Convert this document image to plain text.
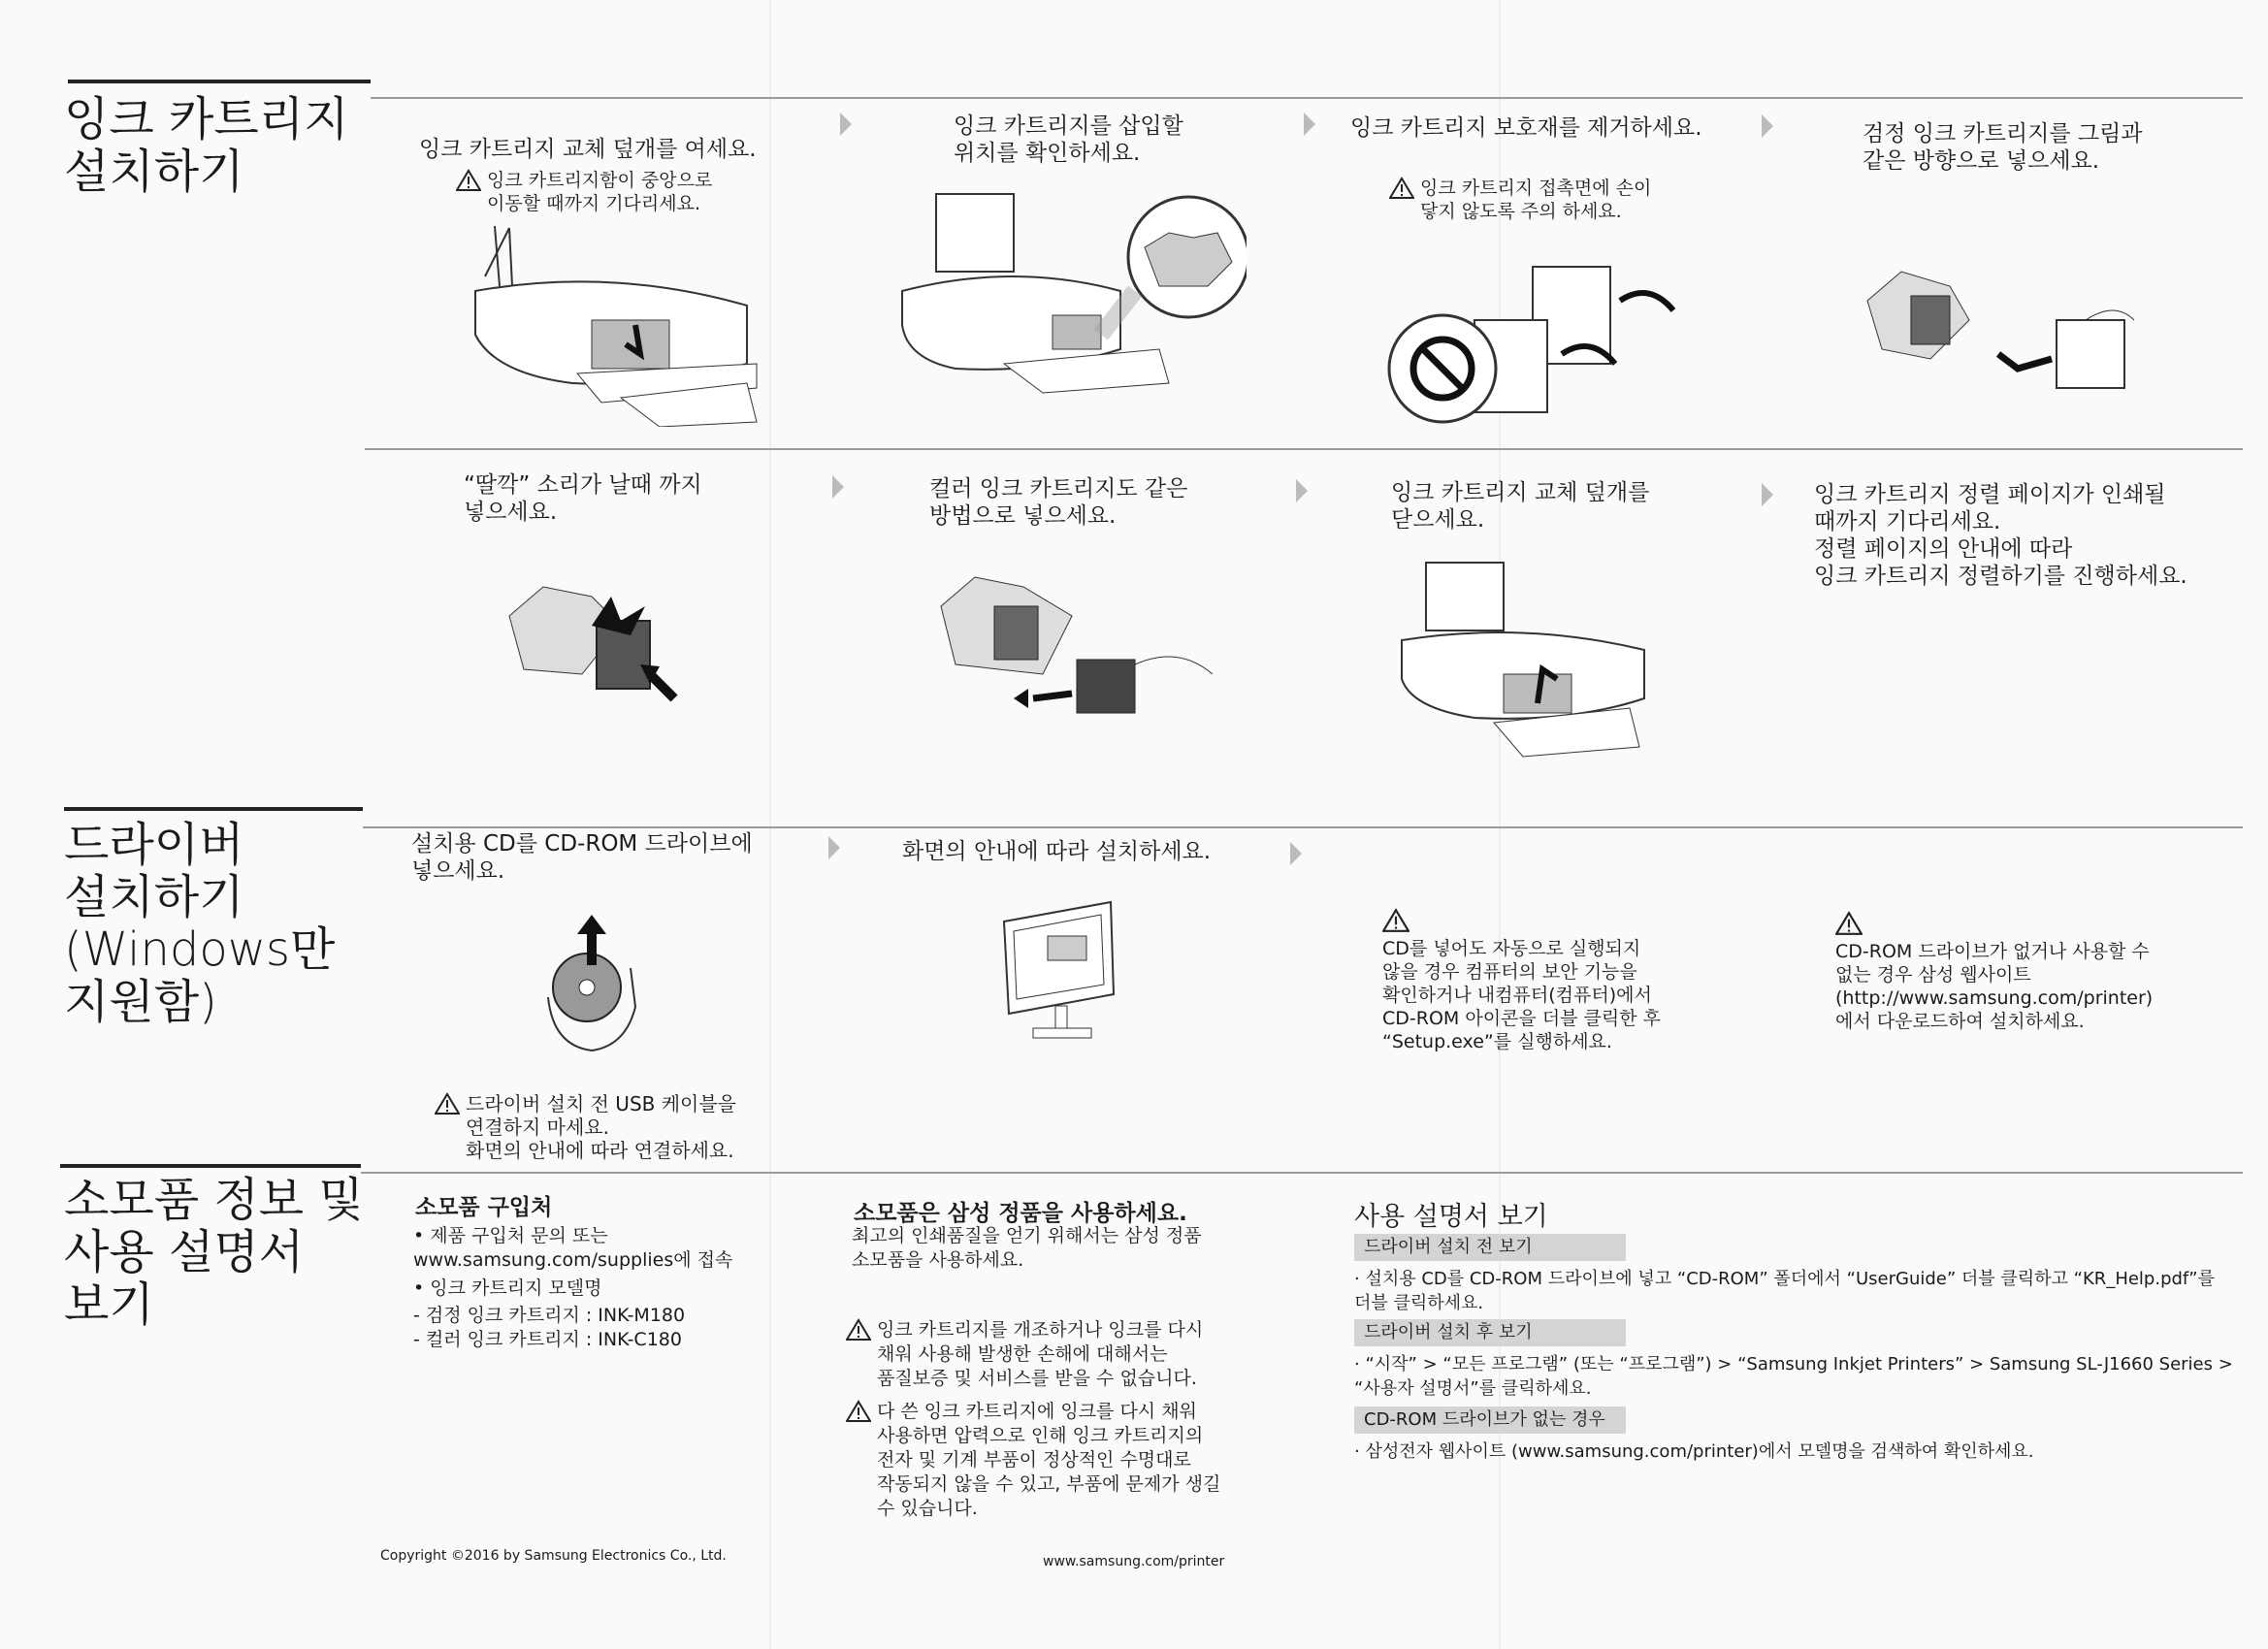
잉크 카트리지
설치하기	잉크 카트리지 교체 덮개를 여세요.

잉크 카트리지함이 중앙으로
이동할 때까지 기다리세요.

잉크 카트리지를 삽입할
위치를 확인하세요.
잉크 카트리지 보호재를 제거하세요.

잉크 카트리지 접촉면에 손이
닿지 않도록 주의 하세요.

검정 잉크 카트리지를 그림과
같은 방향으로 넣으세요.
“딸깍” 소리가 날때 까지
넣으세요.
컬러 잉크 카트리지도 같은
방법으로 넣으세요.
잉크 카트리지 교체 덮개를
닫으세요.
잉크 카트리지 정렬 페이지가 인쇄될
때까지 기다리세요.
정렬 페이지의 안내에 따라
잉크 카트리지 정렬하기를 진행하세요.
드라이버
설치하기
(Windows만
지원함)
설치용 CD를 CD-ROM 드라이브에
넣으세요.
화면의 안내에 따라 설치하세요.

드라이버 설치 전 USB 케이블을
연결하지 마세요.
화면의 안내에 따라 연결하세요.

CD를 넣어도 자동으로 실행되지
않을 경우 컴퓨터의 보안 기능을
확인하거나 내컴퓨터(컴퓨터)에서
CD-ROM 아이콘을 더블 클릭한 후
“Setup.exe”를 실행하세요.

CD-ROM 드라이브가 없거나 사용할 수
없는 경우 삼성 웹사이트
(http://www.samsung.com/printer)
에서 다운로드하여 설치하세요.

소모품 정보 및
사용 설명서
보기
소모품 구입처
• 제품 구입처 문의 또는
www.samsung.com/supplies에 접속
• 잉크 카트리지 모델명
- 검정 잉크 카트리지 : INK-M180
- 컬러 잉크 카트리지 : INK-C180
소모품은 삼성 정품을 사용하세요.
최고의 인쇄품질을 얻기 위해서는 삼성 정품
소모품을 사용하세요.

잉크 카트리지를 개조하거나 잉크를 다시
채워 사용해 발생한 손해에 대해서는
품질보증 및 서비스를 받을 수 없습니다.

다 쓴 잉크 카트리지에 잉크를 다시 채워
사용하면 압력으로 인해 잉크 카트리지의
전자 및 기계 부품이 정상적인 수명대로
작동되지 않을 수 있고, 부품에 문제가 생길
수 있습니다.

사용 설명서 보기
드라이버 설치 전 보기
· 설치용 CD를 CD-ROM 드라이브에 넣고 “CD-ROM” 폴더에서 “UserGuide” 더블 클릭하고 “KR_Help.pdf”를
더블 클릭하세요.
드라이버 설치 후 보기
· “시작” > “모든 프로그램” (또는 “프로그램”) > “Samsung Inkjet Printers” > Samsung SL-J1660 Series >
“사용자 설명서”를 클릭하세요.
CD-ROM 드라이브가 없는 경우
· 삼성전자 웹사이트 (www.samsung.com/printer)에서 모델명을 검색하여 확인하세요.
Copyright ©2016 by Samsung Electronics Co., Ltd.	www.samsung.com/printer
